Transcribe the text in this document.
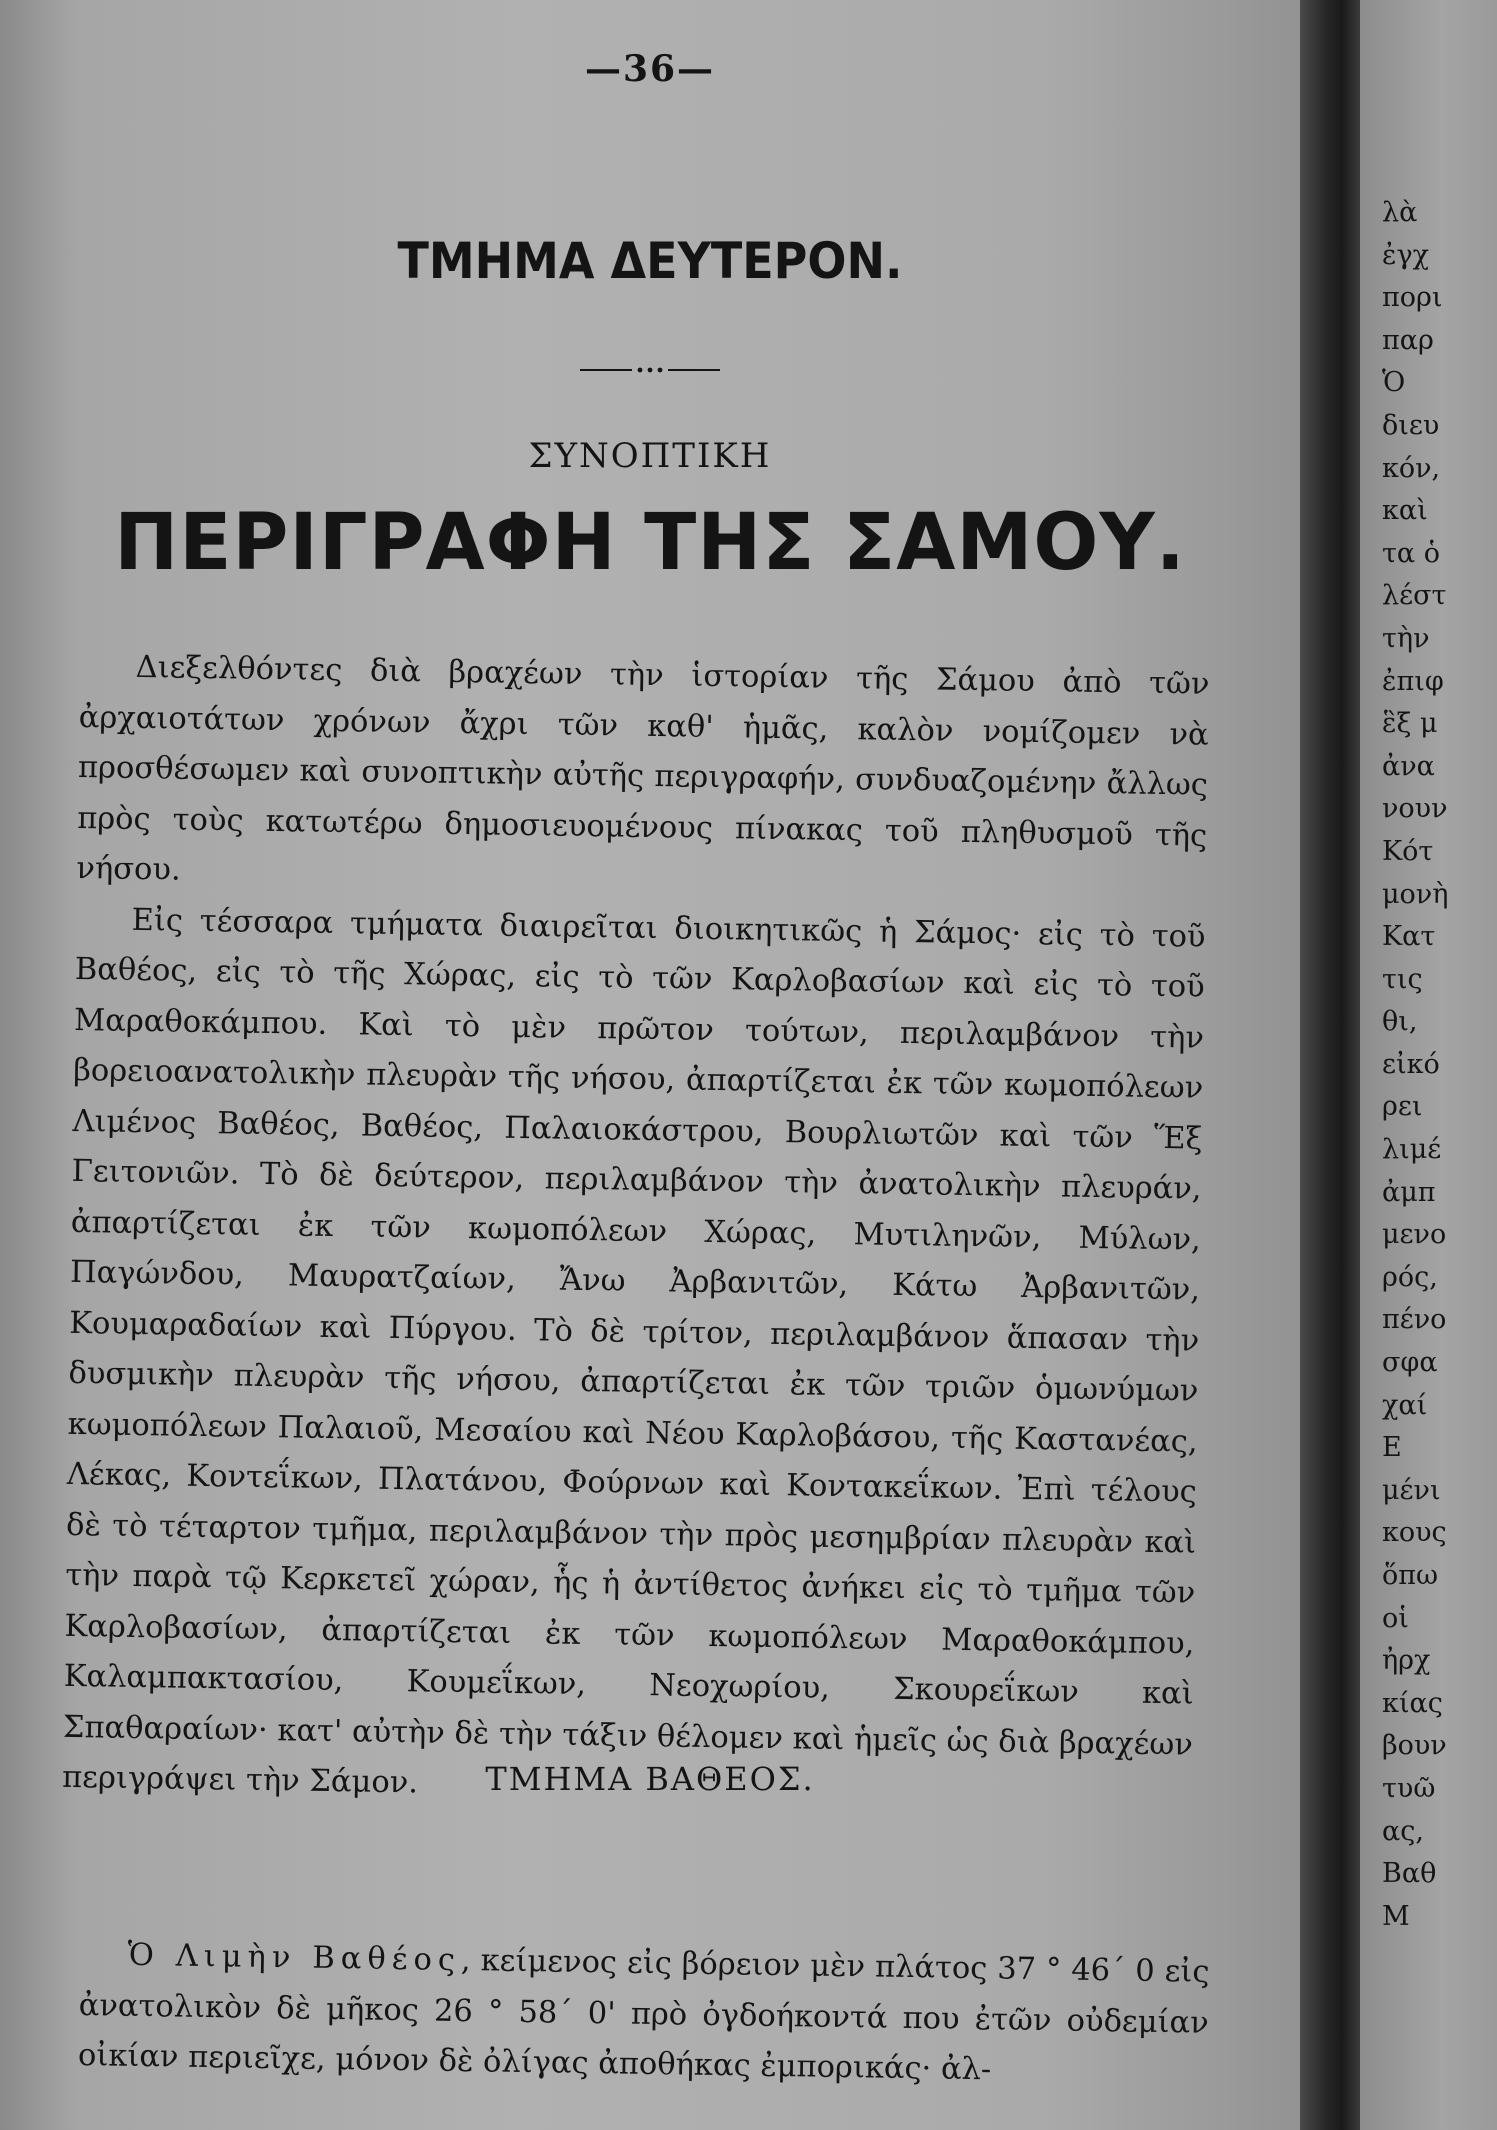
—36—
ΤΜΗΜΑ ΔΕΥΤΕΡΟΝ.
ΣΥΝΟΠΤΙΚΗ
ΠΕΡΙΓΡΑΦΗ ΤΗΣ ΣΑΜΟΥ.

Διεξελθόντες διὰ βραχέων τὴν ἱστορίαν τῆς Σάμου ἀπὸ τῶν ἀρχαιοτάτων χρόνων ἄχρι τῶν καθ' ἡμᾶς, καλὸν νομίζομεν νὰ προσθέσωμεν καὶ συνοπτικὴν αὐτῆς περιγραφήν, συνδυαζομένην ἄλλως πρὸς τοὺς κατωτέρω δημοσιευομένους πίνακας τοῦ πληθυσμοῦ τῆς νήσου.

Εἰς τέσσαρα τμήματα διαιρεῖται διοικητικῶς ἡ Σάμος· εἰς τὸ τοῦ Βαθέος, εἰς τὸ τῆς Χώρας, εἰς τὸ τῶν Καρλοβασίων καὶ εἰς τὸ τοῦ Μαραθοκάμπου. Καὶ τὸ μὲν πρῶτον τούτων, περιλαμβάνον τὴν βορειοανατολικὴν πλευρὰν τῆς νήσου, ἀπαρτίζεται ἐκ τῶν κωμοπόλεων Λιμένος Βαθέος, Βαθέος, Παλαιοκάστρου, Βουρλιωτῶν καὶ τῶν Ἕξ Γειτονιῶν. Τὸ δὲ δεύτερον, περιλαμβάνον τὴν ἀνατολικὴν πλευράν, ἀπαρτίζεται ἐκ τῶν κωμοπόλεων Χώρας, Μυτιληνῶν, Μύλων, Παγώνδου, Μαυρατζαίων, Ἄνω Ἀρβανιτῶν, Κάτω Ἀρβανιτῶν, Κουμαραδαίων καὶ Πύργου. Τὸ δὲ τρίτον, περιλαμβάνον ἅπασαν τὴν δυσμικὴν πλευρὰν τῆς νήσου, ἀπαρτίζεται ἐκ τῶν τριῶν ὁμωνύμων κωμοπόλεων Παλαιοῦ, Μεσαίου καὶ Νέου Καρλοβάσου, τῆς Καστανέας, Λέκας, Κοντεΐκων, Πλατάνου, Φούρνων καὶ Κοντακεΐκων. Ἐπὶ τέλους δὲ τὸ τέταρτον τμῆμα, περιλαμβάνον τὴν πρὸς μεσημβρίαν πλευρὰν καὶ τὴν παρὰ τῷ Κερκετεῖ χώραν, ἧς ἡ ἀντίθετος ἀνήκει εἰς τὸ τμῆμα τῶν Καρλοβασίων, ἀπαρτίζεται ἐκ τῶν κωμοπόλεων Μαραθοκάμπου, Καλαμπακτασίου, Κουμεΐκων, Νεοχωρίου, Σκουρεΐκων καὶ Σπαθαραίων· κατ' αὐτὴν δὲ τὴν τάξιν θέλομεν καὶ ἡμεῖς ὡς διὰ βραχέων περιγράψει τὴν Σάμον.	ΤΜΗΜΑ ΒΑΘΕΟΣ.

Ὁ Λιμὴν Βαθέος, κείμενος εἰς βόρειον μὲν πλάτος 37 ° 46΄ 0 εἰς ἀνατολικὸν δὲ μῆκος 26 ° 58΄ 0' πρὸ ὀγδοήκοντά που ἐτῶν οὐδεμίαν οἰκίαν περιεῖχε, μόνον δὲ ὀλίγας ἀποθήκας ἐμπορικάς· ἀλ-

λὰ
ἐγχ
πορι
παρ
Ὁ
διευ
κόν,
καὶ
τα ὁ
λέστ
τὴν
ἐπιφ
ἓξ μ
ἀνα
νουν
Κότ
μονὴ
Κατ
τις
θι,
εἰκό
ρει
λιμέ
ἀμπ
μενο
ρός,
πένο
σφα
χαί
Ε
μένι
κους
ὅπω
οἱ
ἠρχ
κίας
βουν
τυῶ
ας,
Βαθ
Μ
